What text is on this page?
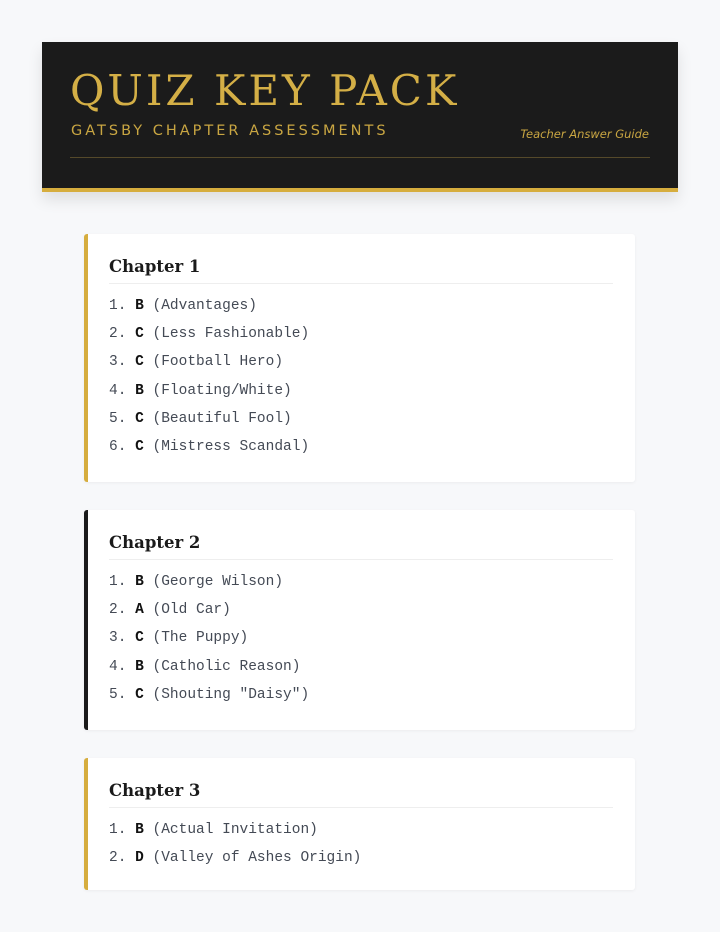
QUIZ KEY PACK
GATSBY CHAPTER ASSESSMENTS	Teacher Answer Guide
Chapter 1
1. B (Advantages)
2. C (Less Fashionable)
3. C (Football Hero)
4. B (Floating/White)
5. C (Beautiful Fool)
6. C (Mistress Scandal)
Chapter 2
1. B (George Wilson)
2. A (Old Car)
3. C (The Puppy)
4. B (Catholic Reason)
5. C (Shouting "Daisy")
Chapter 3
1. B (Actual Invitation)
2. D (Valley of Ashes Origin)
